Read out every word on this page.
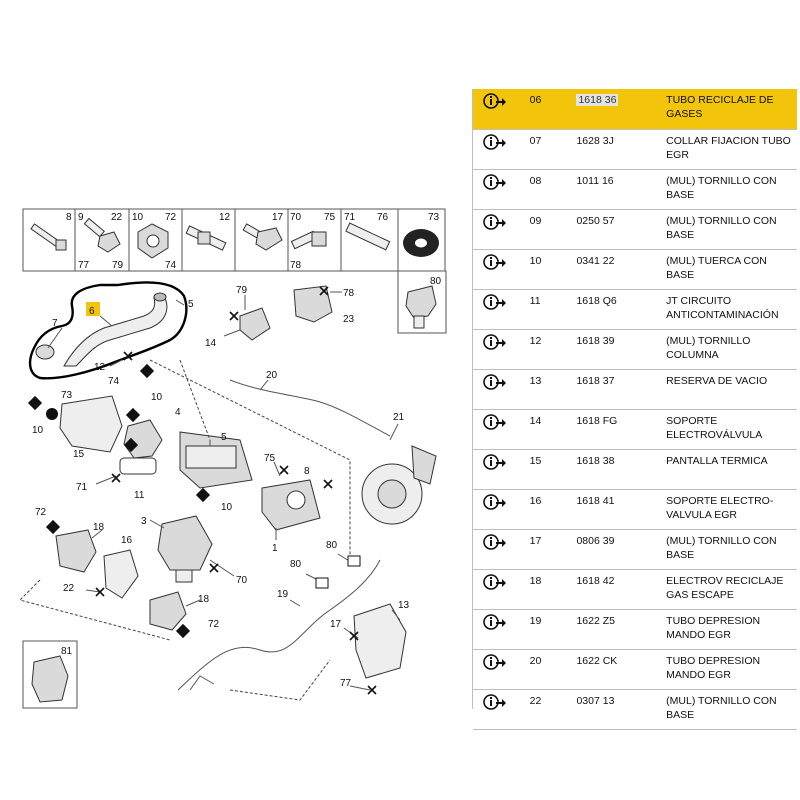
8 9	22
77 79
10 72
74
12	17 70 75
78
71 76	73
80
6
7
5
79	78
23
14
12
74
73	10
10
4
20
21
15
5
75
8
71
11
10
72
18
16
3
1
22
70
18
72
80
80
19
17
13
77
81
	06	1618 36	TUBO RECICLAJE DE GASES
	07	1628 3J	COLLAR FIJACION TUBO EGR
	08	1011 16	(MUL) TORNILLO CON BASE
	09	0250 57	(MUL) TORNILLO CON BASE
	10	0341 22	(MUL) TUERCA CON BASE
	11	1618 Q6	JT CIRCUITO ANTICONTAMINACIÓN
	12	1618 39	(MUL) TORNILLO COLUMNA
	13	1618 37	RESERVA DE VACIO
	14	1618 FG	SOPORTE ELECTROVÁLVULA
	15	1618 38	PANTALLA TERMICA
	16	1618 41	SOPORTE ELECTRO-VALVULA EGR
	17	0806 39	(MUL) TORNILLO CON BASE
	18	1618 42	ELECTROV RECICLAJE GAS ESCAPE
	19	1622 Z5	TUBO DEPRESION MANDO EGR
	20	1622 CK	TUBO DEPRESION MANDO EGR
	22	0307 13	(MUL) TORNILLO CON BASE
